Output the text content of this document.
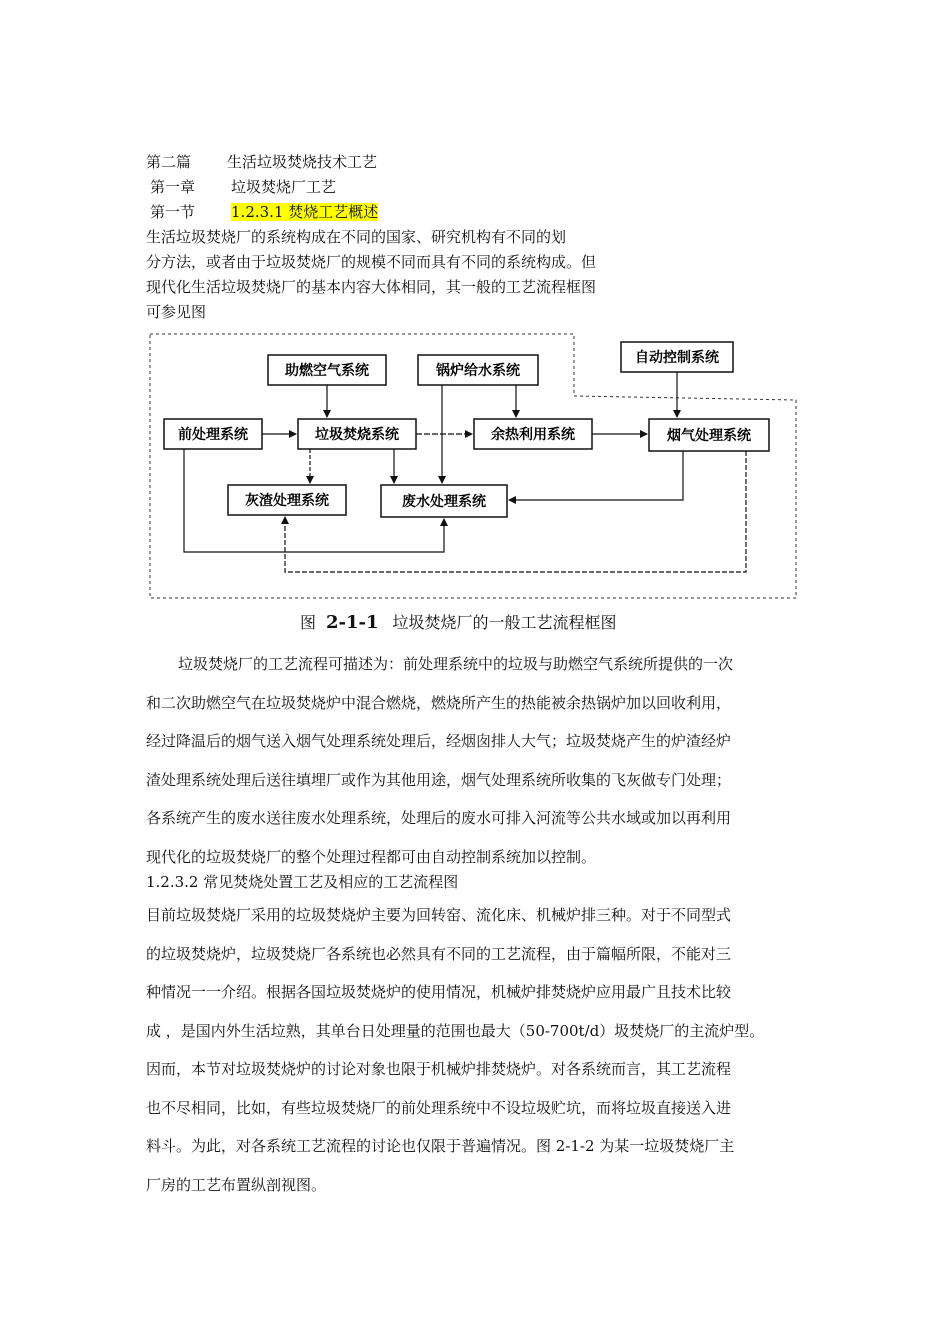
第二篇 生活垃圾焚烧技术工艺
第一章 垃圾焚烧厂工艺
第一节 1.2.3.1 焚烧工艺概述
生活垃圾焚烧厂的系统构成在不同的国家、研究机构有不同的划
分方法，或者由于垃圾焚烧厂的规模不同而具有不同的系统构成。但
现代化生活垃圾焚烧厂的基本内容大体相同，其一般的工艺流程框图
可参见图
自动控制系统
助燃空气系统	锅炉给水系统
前处理系统	垃圾焚烧系统	余热利用系统	烟气处理系统
灰渣处理系统	废水处理系统
图 2-1-1 垃圾焚烧厂的一般工艺流程框图
垃圾焚烧厂的工艺流程可描述为：前处理系统中的垃圾与助燃空气系统所提供的一次
和二次助燃空气在垃圾焚烧炉中混合燃烧，燃烧所产生的热能被余热锅炉加以回收利用，
经过降温后的烟气送入烟气处理系统处理后，经烟囱排人大气；垃圾焚烧产生的炉渣经炉
渣处理系统处理后送往填埋厂或作为其他用途，烟气处理系统所收集的飞灰做专门处理；
各系统产生的废水送往废水处理系统，处理后的废水可排入河流等公共水域或加以再利用
现代化的垃圾焚烧厂的整个处理过程都可由自动控制系统加以控制。
1.2.3.2 常见焚烧处置工艺及相应的工艺流程图
目前垃圾焚烧厂采用的垃圾焚烧炉主要为回转窑、流化床、机械炉排三种。对于不同型式
的垃圾焚烧炉，垃圾焚烧厂各系统也必然具有不同的工艺流程，由于篇幅所限，不能对三
种情况一一介绍。根据各国垃圾焚烧炉的使用情况，机械炉排焚烧炉应用最广且技术比较
成 ，是国内外生活垃熟，其单台日处理量的范围也最大（50-700t/d）圾焚烧厂的主流炉型。
因而，本节对垃圾焚烧炉的讨论对象也限于机械炉排焚烧炉。对各系统而言，其工艺流程
也不尽相同，比如，有些垃圾焚烧厂的前处理系统中不设垃圾贮坑，而将垃圾直接送入进
料斗。为此，对各系统工艺流程的讨论也仅限于普遍情况。图 2-1-2 为某一垃圾焚烧厂主
厂房的工艺布置纵剖视图。
